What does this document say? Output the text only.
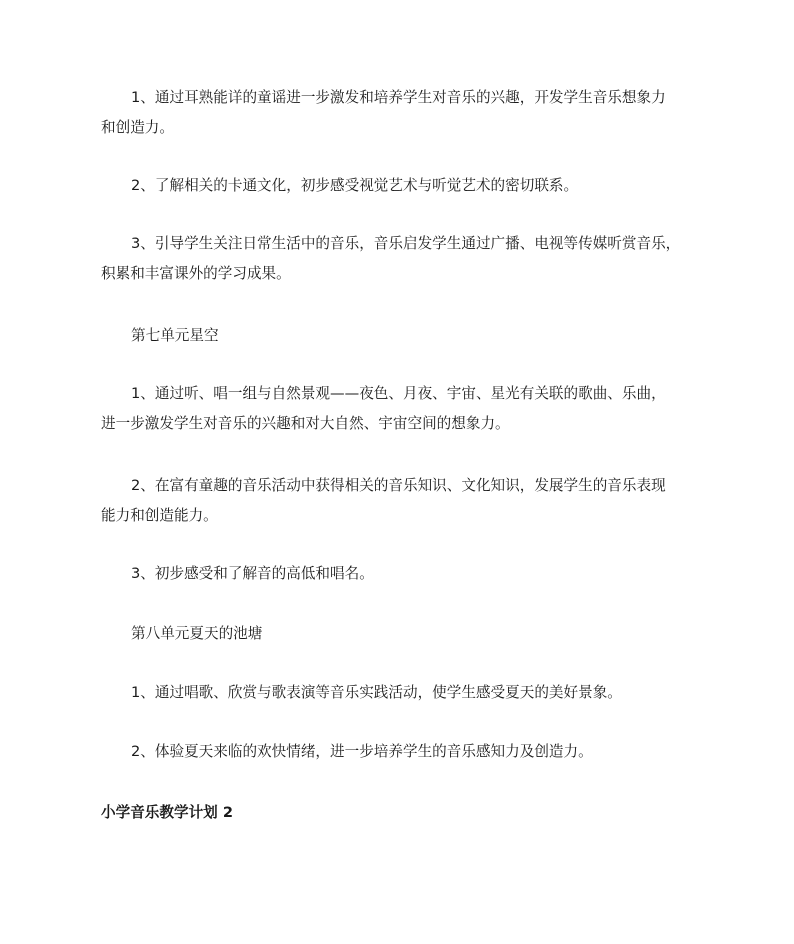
1、通过耳熟能详的童谣进一步激发和培养学生对音乐的兴趣，开发学生音乐想象力
和创造力。

2、了解相关的卡通文化，初步感受视觉艺术与听觉艺术的密切联系。

3、引导学生关注日常生活中的音乐，音乐启发学生通过广播、电视等传媒听赏音乐，
积累和丰富课外的学习成果。

第七单元星空

1、通过听、唱一组与自然景观——夜色、月夜、宇宙、星光有关联的歌曲、乐曲，
进一步激发学生对音乐的兴趣和对大自然、宇宙空间的想象力。

2、在富有童趣的音乐活动中获得相关的音乐知识、文化知识，发展学生的音乐表现
能力和创造能力。

3、初步感受和了解音的高低和唱名。

第八单元夏天的池塘

1、通过唱歌、欣赏与歌表演等音乐实践活动，使学生感受夏天的美好景象。

2、体验夏天来临的欢快情绪，进一步培养学生的音乐感知力及创造力。

小学音乐教学计划 2
